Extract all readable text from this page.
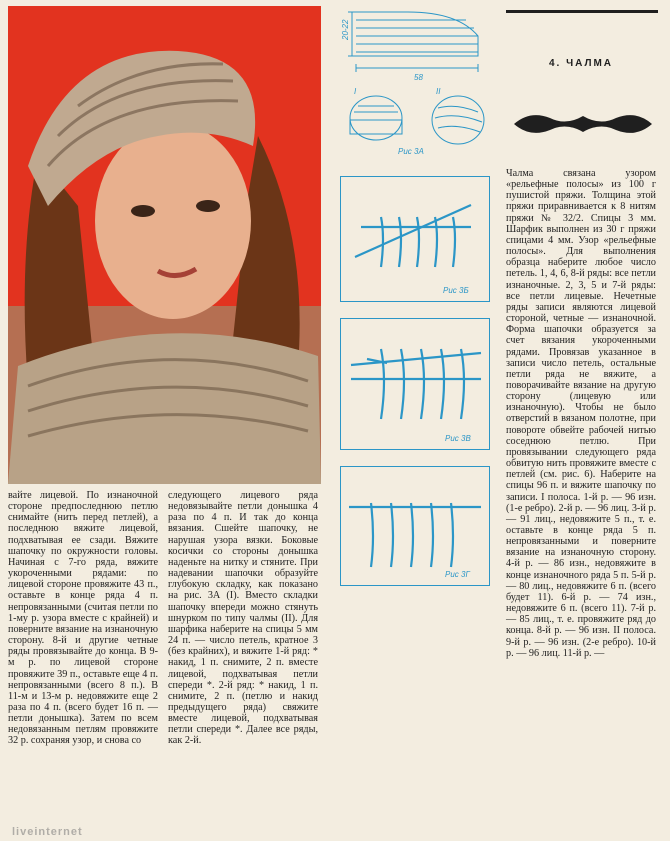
20-22
58
I	II
Рис 3А
Рис 3Б
Рис 3В
Рис 3Г
4. ЧАЛМА

вайте лицевой. По изнаночной стороне предпоследнюю петлю снимайте (нить перед петлей), а последнюю вяжите лицевой, подхватывая ее сзади. Вяжите шапочку по окружности головы. Начиная с 7-го ряда, вяжите укороченными рядами: по лицевой стороне провяжите 43 п., оставьте в конце ряда 4 п. непровязанными (считая петли по 1-му р. узора вместе с крайней) и поверните вязание на изнаночную сторону. 8-й и другие четные ряды провязывайте до конца. В 9-м р. по лицевой стороне провяжите 39 п., оставьте еще 4 п. непровязанными (всего 8 п.). В 11-м и 13-м р. недовяжите еще 2 раза по 4 п. (всего будет 16 п. — петли донышка). Затем по всем недовязанным петлям провяжите 32 р. сохраняя узор, и снова со

следующего лицевого ряда недовязывайте петли донышка 4 раза по 4 п. И так до конца вязания. Сшейте шапочку, не нарушая узора вязки. Боковые косички со стороны донышка наденьте на нитку и стяните. При надевании шапочки образуйте глубокую складку, как показано на рис. 3А (I). Вместо складки шапочку впереди можно стянуть шнурком по типу чалмы (II). Для шарфика наберите на спицы 5 мм 24 п. — число петель, кратное 3 (без крайних), и вяжите 1-й ряд: * накид, 1 п. снимите, 2 п. вместе лицевой, подхватывая петли спереди *. 2-й ряд: * накид, 1 п. снимите, 2 п. (петлю и накид предыдущего ряда) свяжите вместе лицевой, подхватывая петли спереди *. Далее все ряды, как 2-й.

Чалма связана узором «рельефные полосы» из 100 г пушистой пряжи. Толщина этой пряжи приравнивается к 8 нитям пряжи № 32/2. Спицы 3 мм. Шарфик выполнен из 30 г пряжи спицами 4 мм. Узор «рельефные полосы». Для выполнения образца наберите любое число петель. 1, 4, 6, 8-й ряды: все петли изнаночные. 2, 3, 5 и 7-й ряды: все петли лицевые. Нечетные ряды записи являются лицевой стороной, четные — изнаночной. Форма шапочки образуется за счет вязания укороченными рядами. Провязав указанное в записи число петель, остальные петли ряда не вяжите, а поворачивайте вязание на другую сторону (лицевую или изнаночную). Чтобы не было отверстий в вязаном полотне, при повороте обвейте рабочей нитью соседнюю петлю. При провязывании следующего ряда обвитую нить провяжите вместе с петлей (см. рис. 6). Наберите на спицы 96 п. и вяжите шапочку по записи. I полоса. 1-й р. — 96 изн. (1-е ребро). 2-й р. — 96 лиц. 3-й р. — 91 лиц., недовяжите 5 п., т. е. оставьте в конце ряда 5 п. непровязанными и поверните вязание на изнаночную сторону. 4-й р. — 86 изн., недовяжите в конце изнаночного ряда 5 п. 5-й р. — 80 лиц., недовяжите 6 п. (всего будет 11). 6-й р. — 74 изн., недовяжите 6 п. (всего 11). 7-й р. — 85 лиц., т. е. провяжите ряд до конца. 8-й р. — 96 изн. II полоса. 9-й р. — 96 изн. (2-е ребро). 10-й р. — 96 лиц. 11-й р. —

liveinternet
